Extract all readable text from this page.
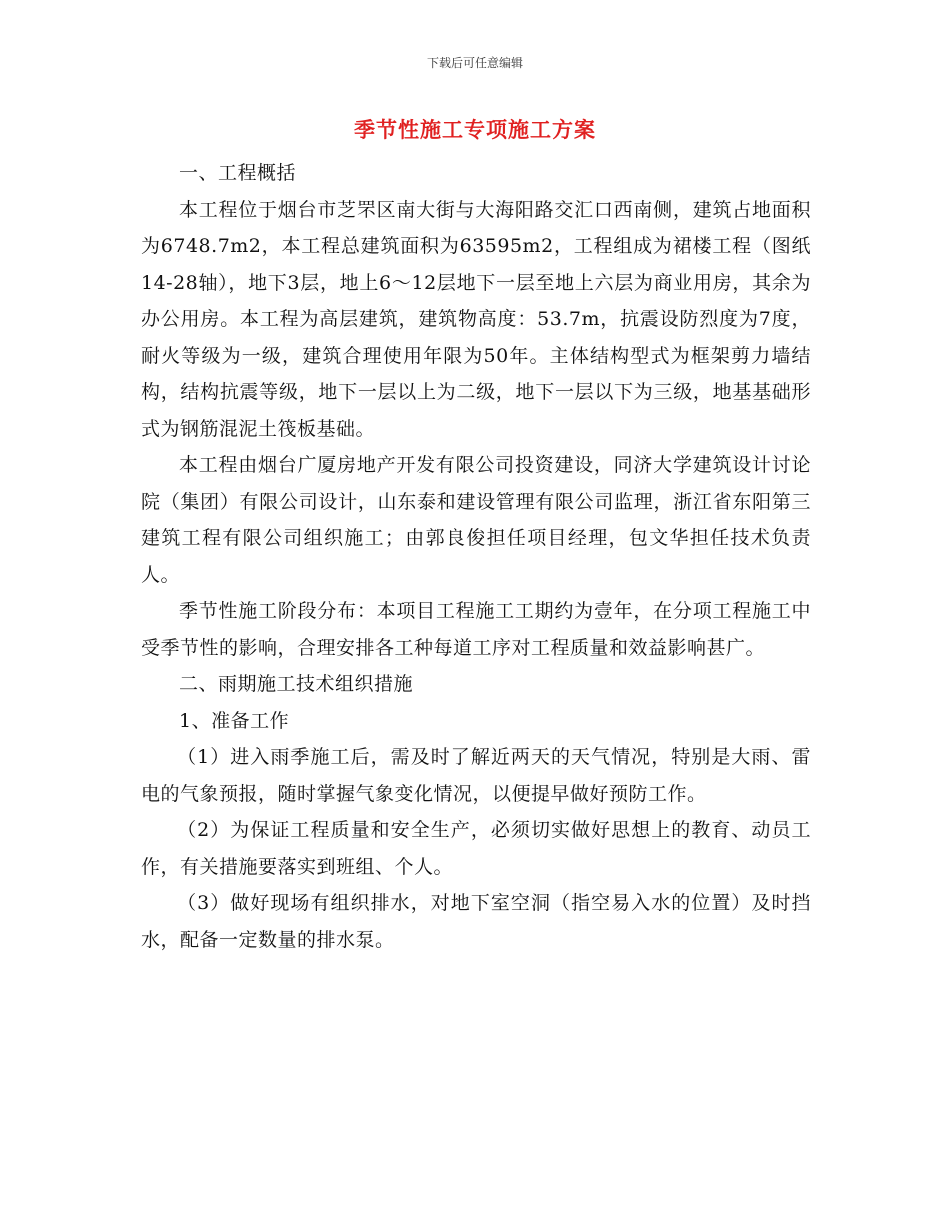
下载后可任意编辑
季节性施工专项施工方案

一、工程概括

本工程位于烟台市芝罘区南大街与大海阳路交汇口西南侧，建筑占地面积为6748.7m2，本工程总建筑面积为63595m2，工程组成为裙楼工程（图纸14-28轴），地下3层，地上6～12层地下一层至地上六层为商业用房，其余为办公用房。本工程为高层建筑，建筑物高度：53.7m，抗震设防烈度为7度，耐火等级为一级，建筑合理使用年限为50年。主体结构型式为框架剪力墙结构，结构抗震等级，地下一层以上为二级，地下一层以下为三级，地基基础形式为钢筋混泥土筏板基础。

本工程由烟台广厦房地产开发有限公司投资建设，同济大学建筑设计讨论院（集团）有限公司设计，山东泰和建设管理有限公司监理，浙江省东阳第三建筑工程有限公司组织施工；由郭良俊担任项目经理，包文华担任技术负责人。

季节性施工阶段分布：本项目工程施工工期约为壹年，在分项工程施工中受季节性的影响，合理安排各工种每道工序对工程质量和效益影响甚广。

二、雨期施工技术组织措施

1、准备工作

（1）进入雨季施工后，需及时了解近两天的天气情况，特别是大雨、雷电的气象预报，随时掌握气象变化情况，以便提早做好预防工作。

（2）为保证工程质量和安全生产，必须切实做好思想上的教育、动员工作，有关措施要落实到班组、个人。

（3）做好现场有组织排水，对地下室空洞（指空易入水的位置）及时挡水，配备一定数量的排水泵。
